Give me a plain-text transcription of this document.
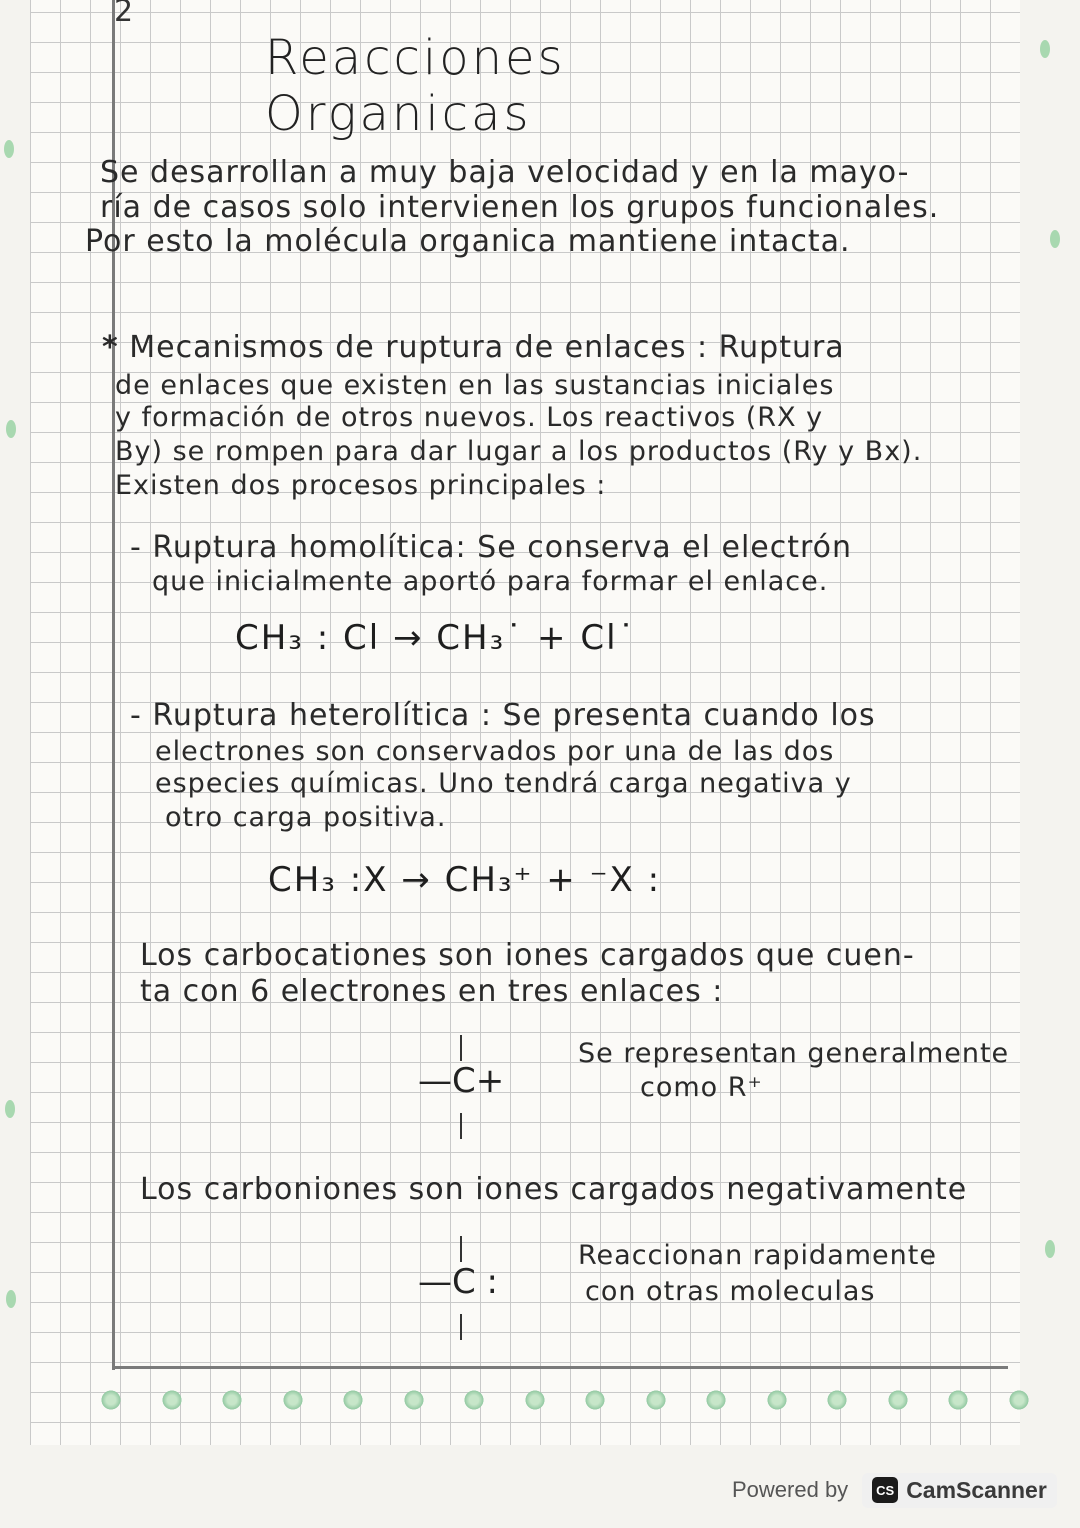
2
Reacciones Organicas
Se desarrollan a muy baja velocidad y en la mayo-
ría de casos solo intervienen los grupos funcionales.
Por esto la molécula organica mantiene intacta.
* Mecanismos de ruptura de enlaces : Ruptura
de enlaces que existen en las sustancias iniciales
y formación de otros nuevos. Los reactivos (RX y
By) se rompen para dar lugar a los productos (Ry y Bx).
Existen dos procesos principales :
- Ruptura homolítica: Se conserva el electrón
que inicialmente aportó para formar el enlace.
CH₃ : Cl → CH₃˙ + Cl˙
- Ruptura heterolítica : Se presenta cuando los
electrones son conservados por una de las dos
especies químicas. Uno tendrá carga negativa y
otro carga positiva.
CH₃ :X → CH₃⁺ + ⁻X :
Los carbocationes son iones cargados que cuen-
ta con 6 electrones en tres enlaces :
—C+
Se representan generalmente
como R⁺
Los carboniones son iones cargados negativamente
—C :
Reaccionan rapidamente
con otras moleculas
Powered by	CS CamScanner
